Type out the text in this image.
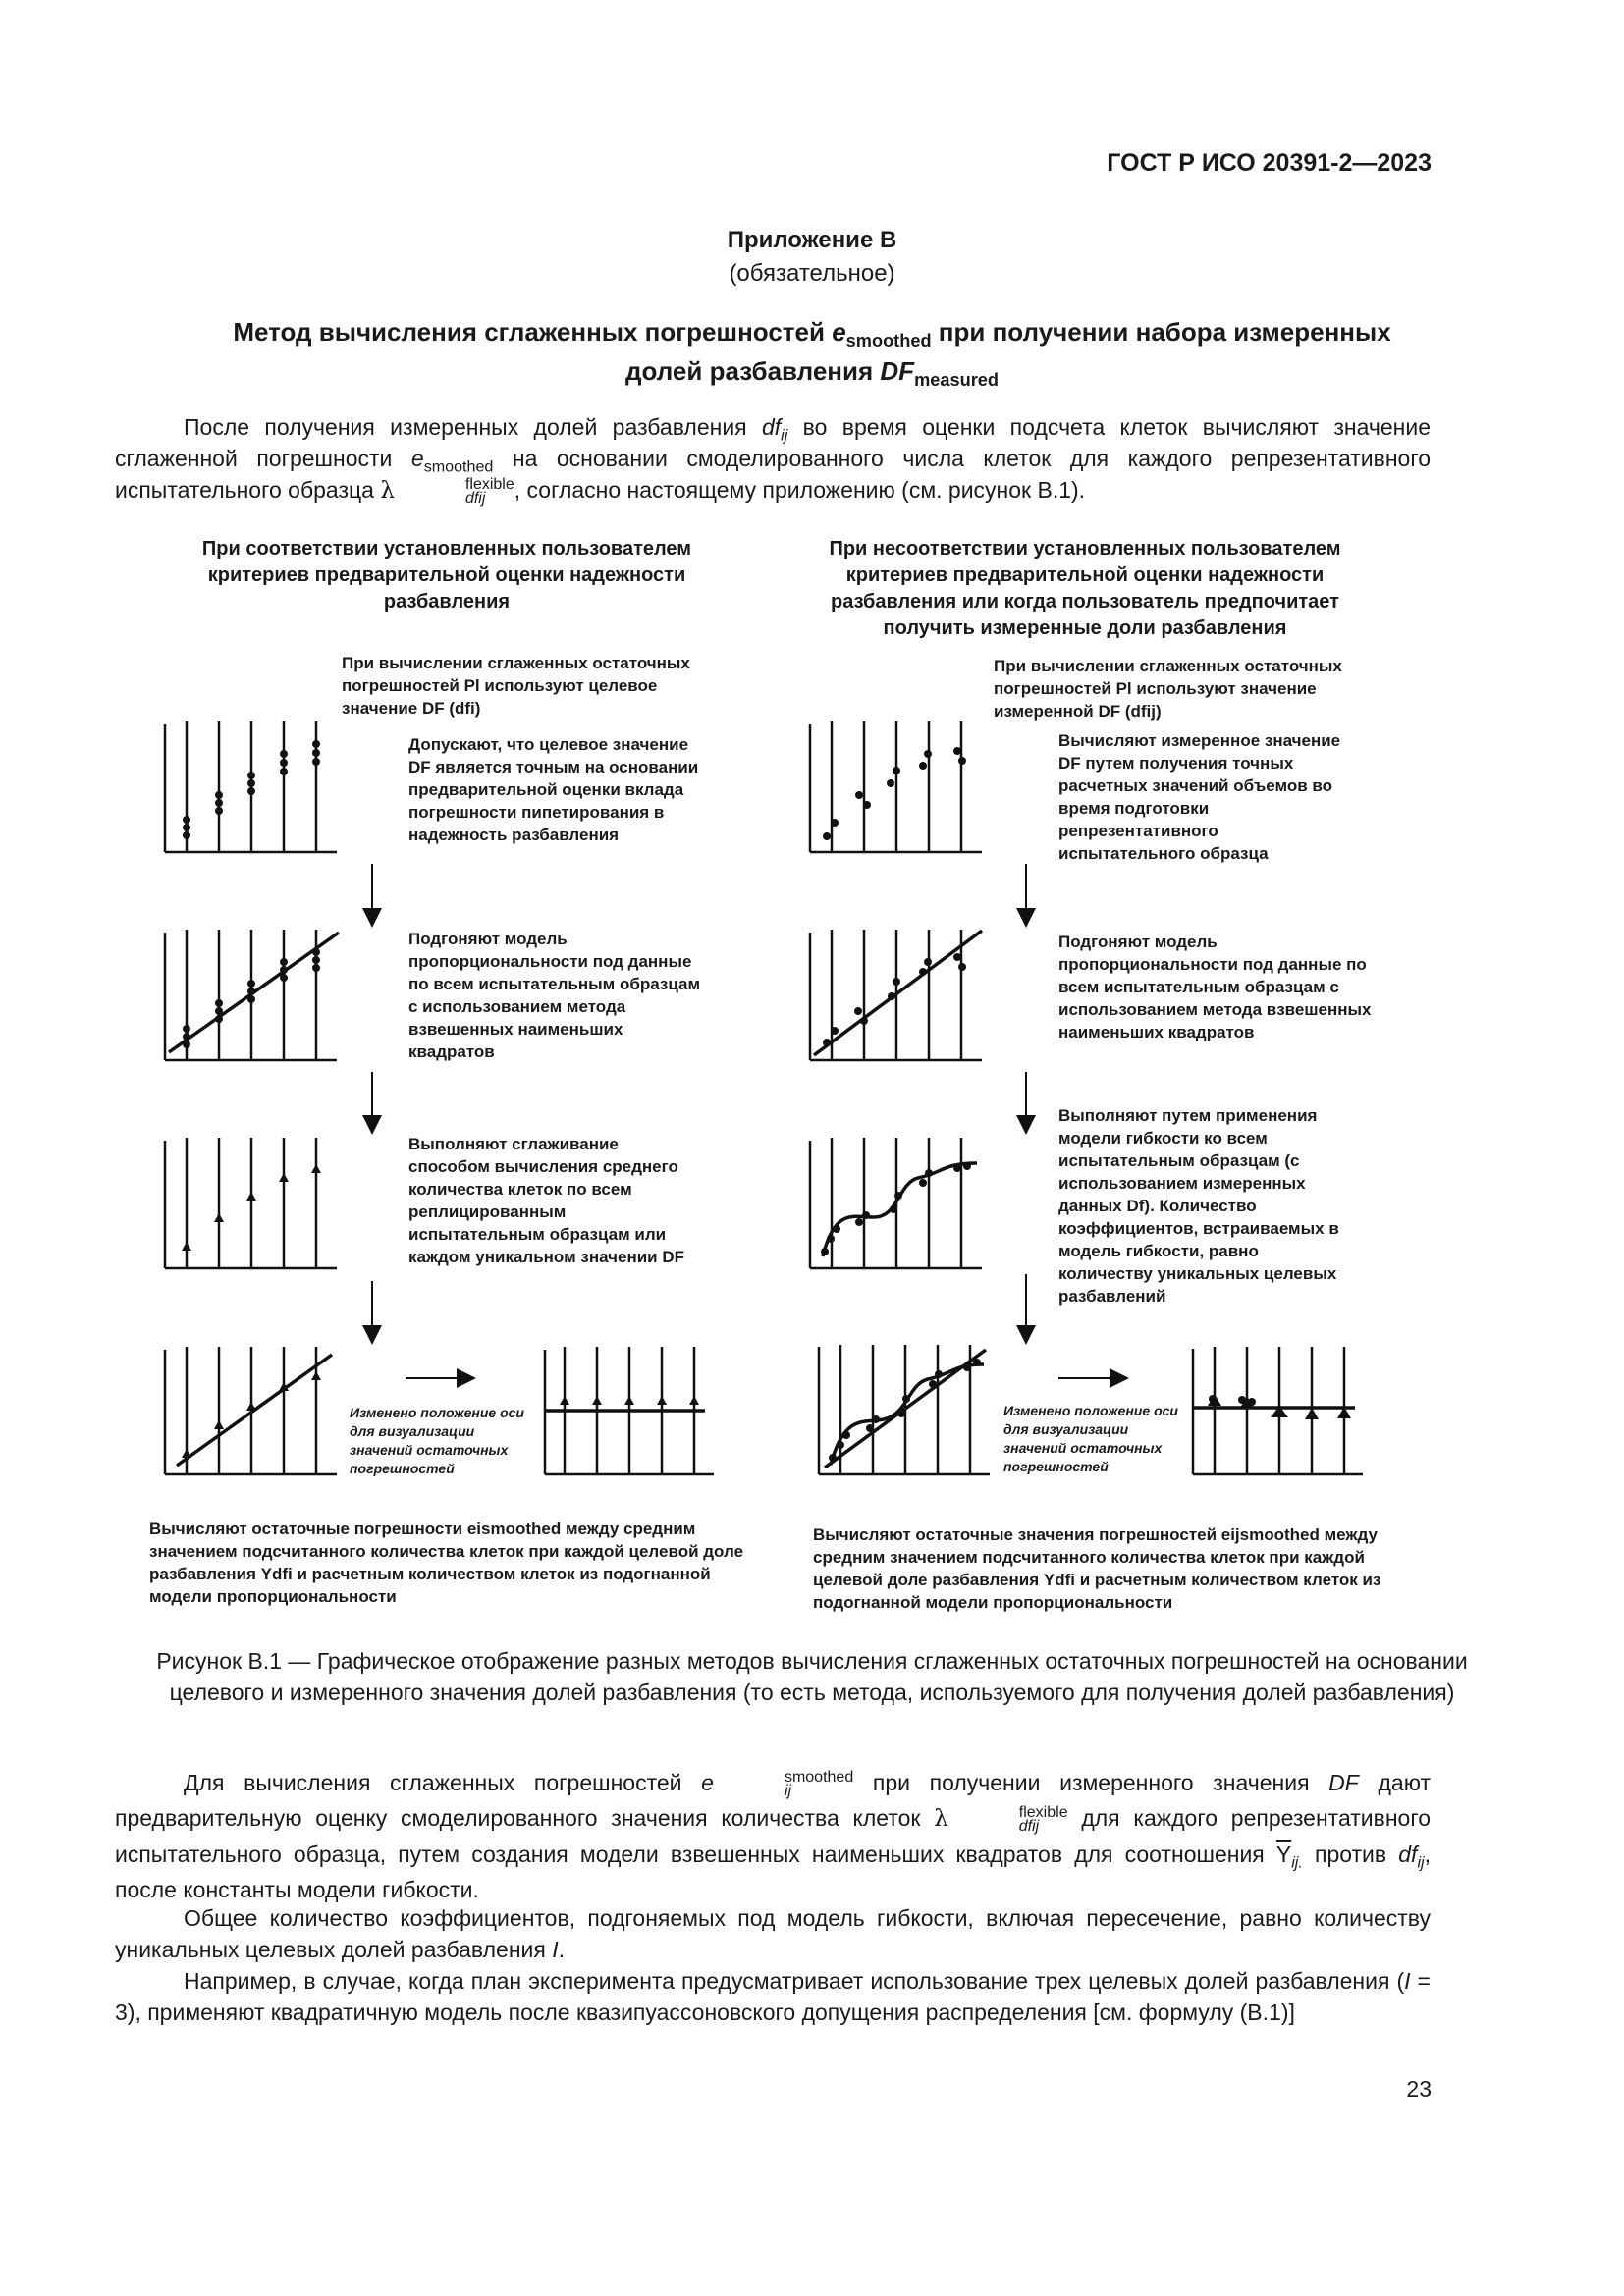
ГОСТ Р ИСО 20391-2—2023
Приложение В
(обязательное)
Метод вычисления сглаженных погрешностей $e_{smoothed}$ при получении набора измеренных
долей разбавления $DF_{measured}$
После получения измеренных долей разбавления $df_{ij}$ во время оценки подсчета клеток вычисляют значение сглаженной погрешности $e_{smoothed}$ на основании смоделированного числа клеток для каждого репрезентативного испытательного образца λ	flexible
dfij	, согласно настоящему приложению (см. рисунок В.1).
При соответствии установленных пользователем критериев предварительной оценки надежности разбавления
При несоответствии установленных пользователем критериев предварительной оценки надежности разбавления или когда пользователь предпочитает получить измеренные доли разбавления
При вычислении сглаженных остаточных погрешностей Pl используют целевое значение DF (dfi)
При вычислении сглаженных остаточных погрешностей Pl используют значение измеренной DF (dfij)
Допускают, что целевое значение DF является точным на основании предварительной оценки вклада погрешности пипетирования в надежность разбавления
Подгоняют модель пропорциональности под данные по всем испытательным образцам с использованием метода взвешенных наименьших квадратов
Выполняют сглаживание способом вычисления среднего количества клеток по всем реплицированным испытательным образцам или каждом уникальном значении DF
Изменено положение оси для визуализации значений остаточных погрешностей
Вычисляют остаточные погрешности eismoothed между средним значением подсчитанного количества клеток при каждой целевой доле разбавления Ydfi и расчетным количеством клеток из подогнанной модели пропорциональности
Вычисляют измеренное значение DF путем получения точных расчетных значений объемов во время подготовки репрезентативного испытательного образца
Подгоняют модель пропорциональности под данные по всем испытательным образцам с использованием метода взвешенных наименьших квадратов
Выполняют путем применения модели гибкости ко всем испытательным образцам (с использованием измеренных данных Df). Количество коэффициентов, встраиваемых в модель гибкости, равно количеству уникальных целевых разбавлений
Изменено положение оси для визуализации значений остаточных погрешностей
Вычисляют остаточные значения погрешностей eijsmoothed между средним значением подсчитанного количества клеток при каждой целевой доле разбавления Ydfi и расчетным количеством клеток из подогнанной модели пропорциональности
Рисунок В.1 — Графическое отображение разных методов вычисления сглаженных остаточных погрешностей на основании целевого и измеренного значения долей разбавления (то есть метода, используемого для получения долей разбавления)
Для вычисления сглаженных погрешностей e	smoothed
ij	при получении измеренного значения DF дают предварительную оценку смоделированного значения количества клеток λ	flexible
dfij	для каждого репрезентативного испытательного образца, путем создания модели взвешенных наименьших квадратов для соотношения $\overline{Y}_{ij.}$ против $df_{ij}$, после константы модели гибкости.
Общее количество коэффициентов, подгоняемых под модель гибкости, включая пересечение, равно количеству уникальных целевых долей разбавления I.
Например, в случае, когда план эксперимента предусматривает использование трех целевых долей разбавления (I = 3), применяют квадратичную модель после квазипуассоновского допущения распределения [см. формулу (В.1)]
23
